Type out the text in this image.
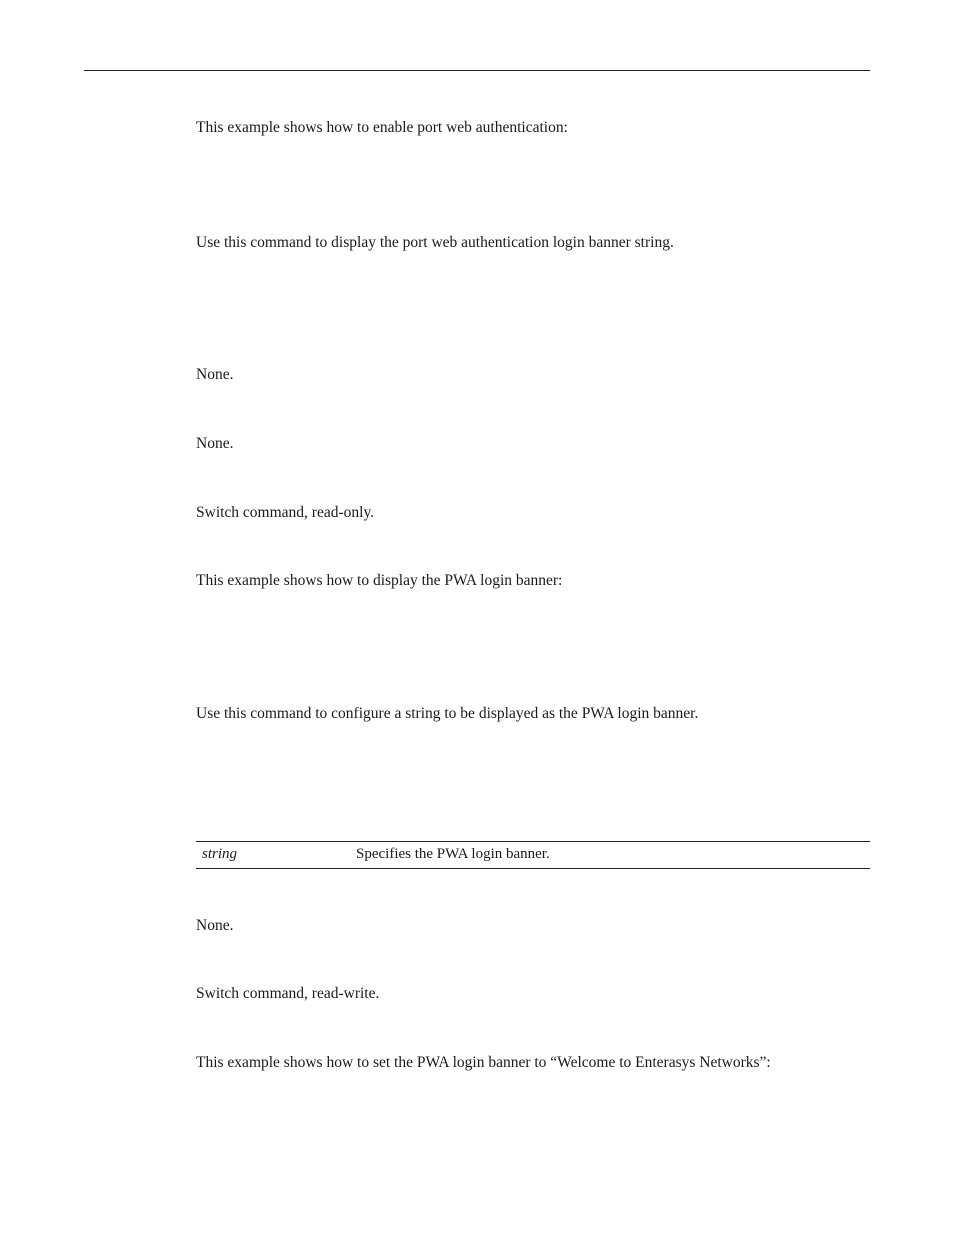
This example shows how to enable port web authentication:
Use this command to display the port web authentication login banner string.
None.
None.
Switch command, read-only.
This example shows how to display the PWA login banner:
Use this command to configure a string to be displayed as the PWA login banner.
string	Specifies the PWA login banner.
None.
Switch command, read-write.
This example shows how to set the PWA login banner to “Welcome to Enterasys Networks”:
